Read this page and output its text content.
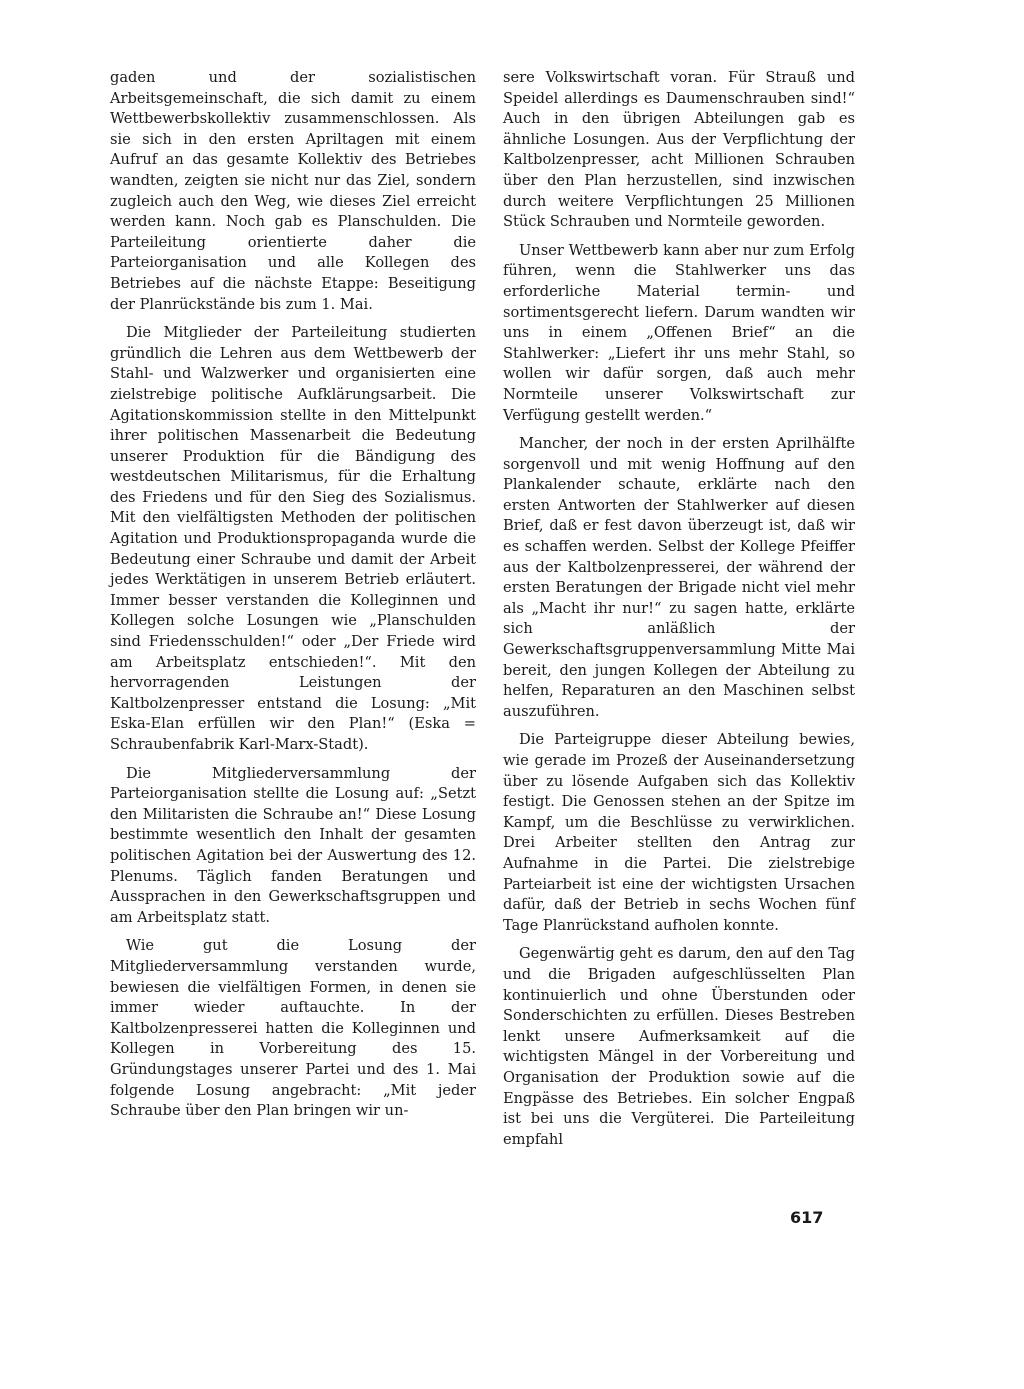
gaden und der sozialistischen Arbeitsgemeinschaft, die sich damit zu einem Wettbewerbskollektiv zusammenschlossen. Als sie sich in den ersten Apriltagen mit einem Aufruf an das gesamte Kollektiv des Betriebes wandten, zeigten sie nicht nur das Ziel, sondern zugleich auch den Weg, wie dieses Ziel erreicht werden kann. Noch gab es Planschulden. Die Parteileitung orientierte daher die Parteiorganisation und alle Kollegen des Betriebes auf die nächste Etappe: Beseitigung der Planrückstände bis zum 1. Mai.

Die Mitglieder der Parteileitung studierten gründlich die Lehren aus dem Wettbewerb der Stahl- und Walzwerker und organisierten eine zielstrebige politische Aufklärungsarbeit. Die Agitationskommission stellte in den Mittelpunkt ihrer politischen Massenarbeit die Bedeutung unserer Produktion für die Bändigung des westdeutschen Militarismus, für die Erhaltung des Friedens und für den Sieg des Sozialismus. Mit den vielfältigsten Methoden der politischen Agitation und Produktionspropaganda wurde die Bedeutung einer Schraube und damit der Arbeit jedes Werktätigen in unserem Betrieb erläutert. Immer besser verstanden die Kolleginnen und Kollegen solche Losungen wie „Planschulden sind Friedensschulden!“ oder „Der Friede wird am Arbeitsplatz entschieden!“. Mit den hervorragenden Leistungen der Kaltbolzenpresser entstand die Losung: „Mit Eska-Elan erfüllen wir den Plan!“ (Eska = Schraubenfabrik Karl-Marx-Stadt).

Die Mitgliederversammlung der Parteiorganisation stellte die Losung auf: „Setzt den Militaristen die Schraube an!“ Diese Losung bestimmte wesentlich den Inhalt der gesamten politischen Agitation bei der Auswertung des 12. Plenums. Täglich fanden Beratungen und Aussprachen in den Gewerkschaftsgruppen und am Arbeitsplatz statt.

Wie gut die Losung der Mitgliederversammlung verstanden wurde, bewiesen die vielfältigen Formen, in denen sie immer wieder auftauchte. In der Kaltbolzenpresserei hatten die Kolleginnen und Kollegen in Vorbereitung des 15. Gründungstages unserer Partei und des 1. Mai folgende Losung angebracht: „Mit jeder Schraube über den Plan bringen wir un-

sere Volkswirtschaft voran. Für Strauß und Speidel allerdings es Daumenschrauben sind!“ Auch in den übrigen Abteilungen gab es ähnliche Losungen. Aus der Verpflichtung der Kaltbolzenpresser, acht Millionen Schrauben über den Plan herzustellen, sind inzwischen durch weitere Verpflichtungen 25 Millionen Stück Schrauben und Normteile geworden.

Unser Wettbewerb kann aber nur zum Erfolg führen, wenn die Stahlwerker uns das erforderliche Material termin- und sortimentsgerecht liefern. Darum wandten wir uns in einem „Offenen Brief“ an die Stahlwerker: „Liefert ihr uns mehr Stahl, so wollen wir dafür sorgen, daß auch mehr Normteile unserer Volkswirtschaft zur Verfügung gestellt werden.“

Mancher, der noch in der ersten Aprilhälfte sorgenvoll und mit wenig Hoffnung auf den Plankalender schaute, erklärte nach den ersten Antworten der Stahlwerker auf diesen Brief, daß er fest davon überzeugt ist, daß wir es schaffen werden. Selbst der Kollege Pfeiffer aus der Kaltbolzenpresserei, der während der ersten Beratungen der Brigade nicht viel mehr als „Macht ihr nur!“ zu sagen hatte, erklärte sich anläßlich der Gewerkschaftsgruppenversammlung Mitte Mai bereit, den jungen Kollegen der Abteilung zu helfen, Reparaturen an den Maschinen selbst auszuführen.

Die Parteigruppe dieser Abteilung bewies, wie gerade im Prozeß der Auseinandersetzung über zu lösende Aufgaben sich das Kollektiv festigt. Die Genossen stehen an der Spitze im Kampf, um die Beschlüsse zu verwirklichen. Drei Arbeiter stellten den Antrag zur Aufnahme in die Partei. Die zielstrebige Parteiarbeit ist eine der wichtigsten Ursachen dafür, daß der Betrieb in sechs Wochen fünf Tage Planrückstand aufholen konnte.

Gegenwärtig geht es darum, den auf den Tag und die Brigaden aufgeschlüsselten Plan kontinuierlich und ohne Überstunden oder Sonderschichten zu erfüllen. Dieses Bestreben lenkt unsere Aufmerksamkeit auf die wichtigsten Mängel in der Vorbereitung und Organisation der Produktion sowie auf die Engpässe des Betriebes. Ein solcher Engpaß ist bei uns die Vergüterei. Die Parteileitung empfahl

617
